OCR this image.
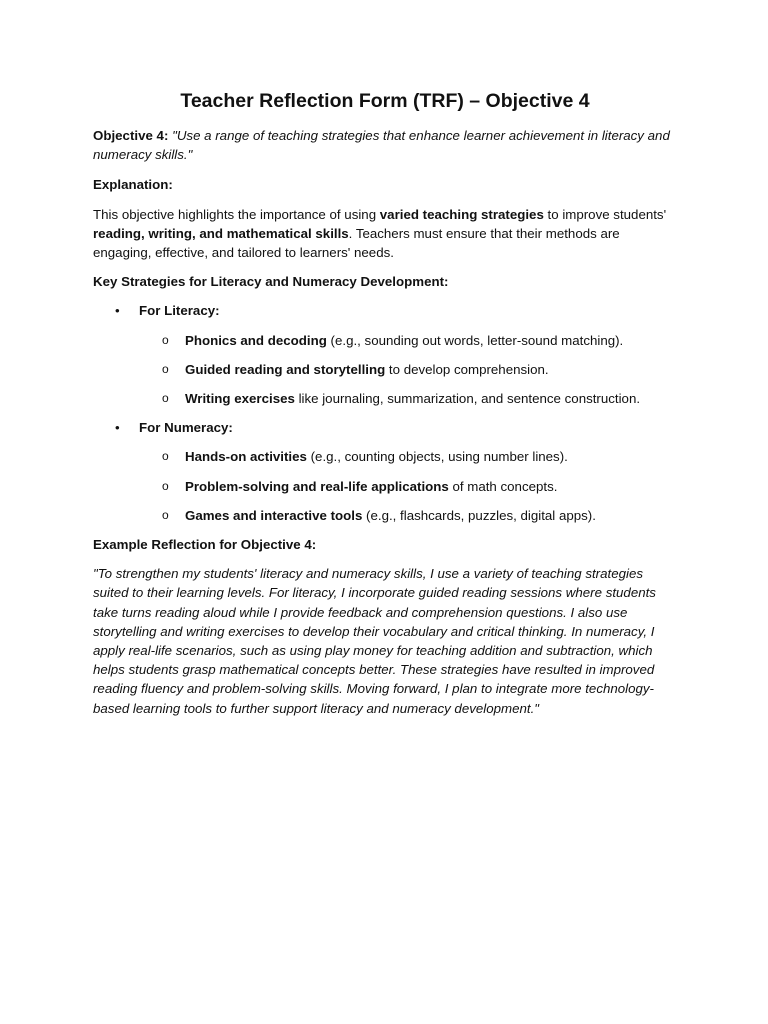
Teacher Reflection Form (TRF) – Objective 4

Objective 4: "Use a range of teaching strategies that enhance learner achievement in literacy and numeracy skills."

Explanation:

This objective highlights the importance of using varied teaching strategies to improve students' reading, writing, and mathematical skills. Teachers must ensure that their methods are engaging, effective, and tailored to learners' needs.

Key Strategies for Literacy and Numeracy Development:

• For Literacy:
o Phonics and decoding (e.g., sounding out words, letter-sound matching).
o Guided reading and storytelling to develop comprehension.
o Writing exercises like journaling, summarization, and sentence construction.
• For Numeracy:
o Hands-on activities (e.g., counting objects, using number lines).
o Problem-solving and real-life applications of math concepts.
o Games and interactive tools (e.g., flashcards, puzzles, digital apps).

Example Reflection for Objective 4:

"To strengthen my students' literacy and numeracy skills, I use a variety of teaching strategies suited to their learning levels. For literacy, I incorporate guided reading sessions where students take turns reading aloud while I provide feedback and comprehension questions. I also use storytelling and writing exercises to develop their vocabulary and critical thinking. In numeracy, I apply real-life scenarios, such as using play money for teaching addition and subtraction, which helps students grasp mathematical concepts better. These strategies have resulted in improved reading fluency and problem-solving skills. Moving forward, I plan to integrate more technology-based learning tools to further support literacy and numeracy development."
